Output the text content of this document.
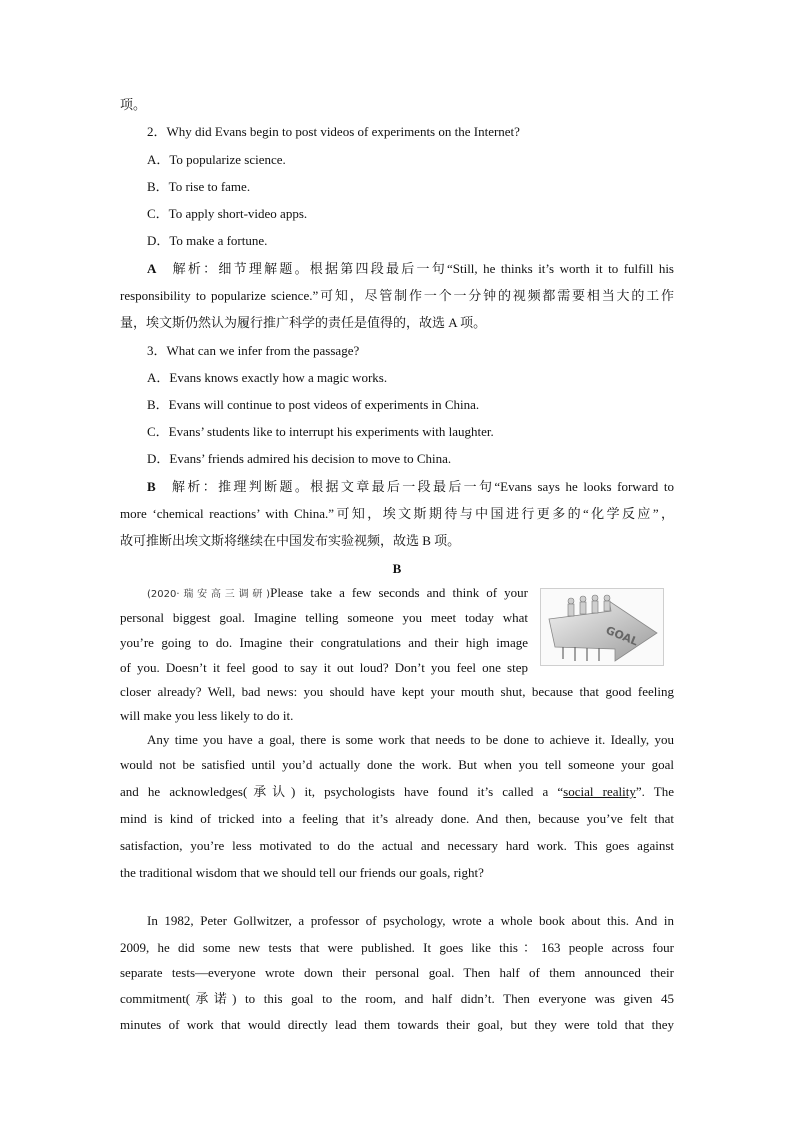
项。
2．Why did Evans begin to post videos of experiments on the Internet?
A．To popularize science.
B．To rise to fame.
C．To apply short-video apps.
D．To make a fortune.
A 解析：细节理解题。根据第四段最后一句“Still, he thinks it’s worth it to fulfill his
responsibility to popularize science.”可知，尽管制作一个一分钟的视频都需要相当大的工作
量，埃文斯仍然认为履行推广科学的责任是值得的，故选 A 项。
3．What can we infer from the passage?
A．Evans knows exactly how a magic works.
B．Evans will continue to post videos of experiments in China.
C．Evans’ students like to interrupt his experiments with laughter.
D．Evans’ friends admired his decision to move to China.
B 解析：推理判断题。根据文章最后一段最后一句“Evans says he looks forward to
more ‘chemical reactions’ with China.”可知，埃文斯期待与中国进行更多的“化学反应”，
故可推断出埃文斯将继续在中国发布实验视频，故选 B 项。
B
(2020·瑞安高三调研)Please take a few seconds and think of your
personal biggest goal. Imagine telling someone you meet today what
you’re going to do. Imagine their congratulations and their high image
of you. Doesn’t it feel good to say it out loud? Don’t you feel one step
closer already? Well, bad news: you should have kept your mouth shut, because that good feeling
will make you less likely to do it.
GOAL
Any time you have a goal, there is some work that needs to be done to achieve it. Ideally, you
would not be satisfied until you’d actually done the work. But when you tell someone your goal
and he acknowledges(承认) it, psychologists have found it’s called a “social reality”. The
mind is kind of tricked into a feeling that it’s already done. And then, because you’ve felt that
satisfaction, you’re less motivated to do the actual and necessary hard work. This goes against
the traditional wisdom that we should tell our friends our goals, right?
In 1982, Peter Gollwitzer, a professor of psychology, wrote a whole book about this. And in
2009, he did some new tests that were published. It goes like this：163 people across four
separate tests—everyone wrote down their personal goal. Then half of them announced their
commitment(承诺) to this goal to the room, and half didn’t. Then everyone was given 45
minutes of work that would directly lead them towards their goal, but they were told that they
